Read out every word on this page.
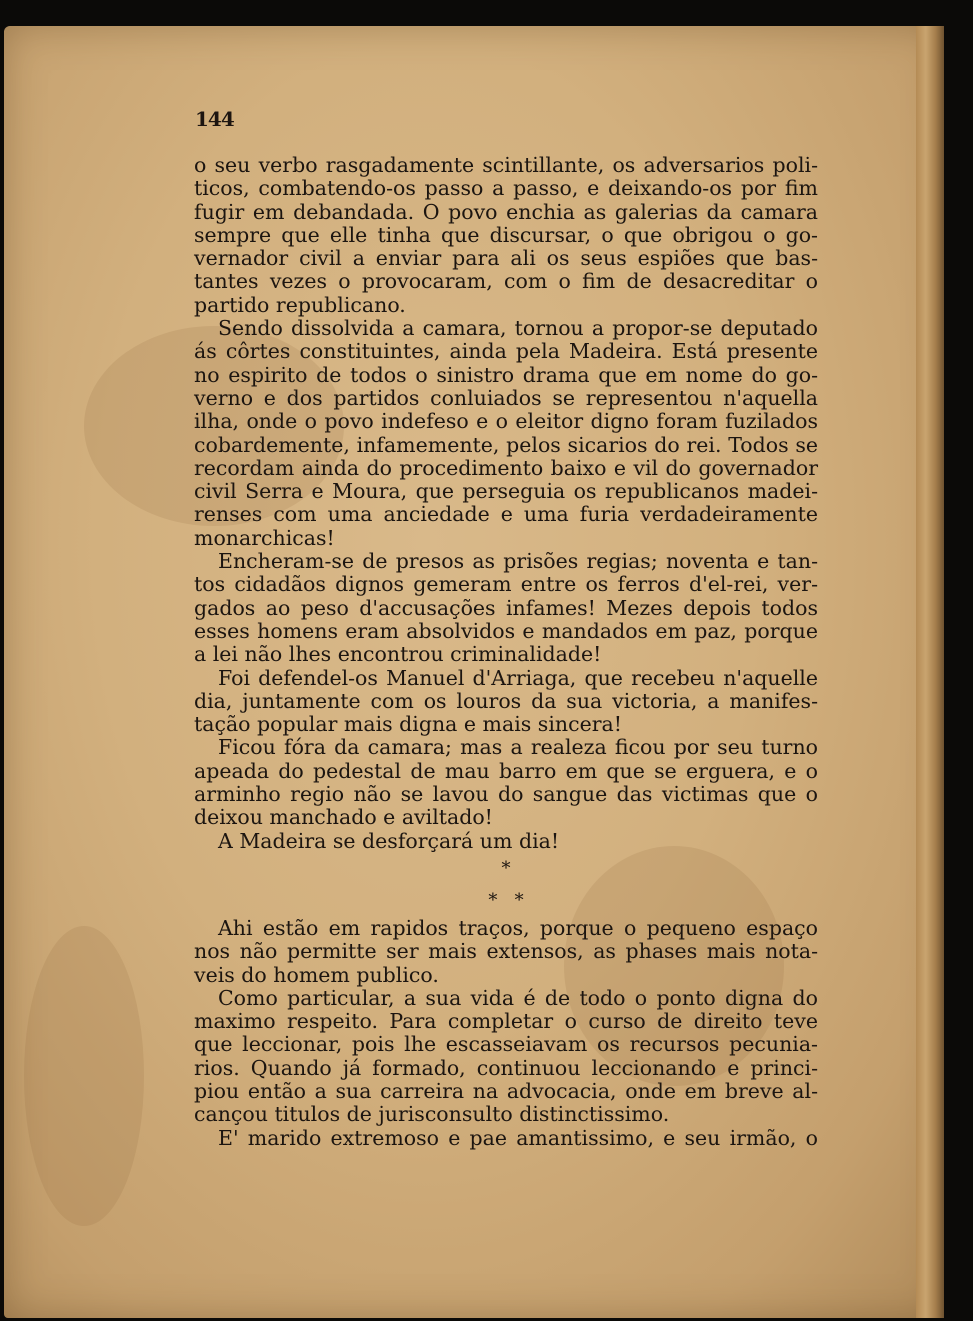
144
o seu verbo rasgadamente scintillante, os adversarios poli-
ticos, combatendo-os passo a passo, e deixando-os por fim
fugir em debandada. O povo enchia as galerias da camara
sempre que elle tinha que discursar, o que obrigou o go-
vernador civil a enviar para ali os seus espiões que bas-
tantes vezes o provocaram, com o fim de desacreditar o
partido republicano.
Sendo dissolvida a camara, tornou a propor-se deputado
ás côrtes constituintes, ainda pela Madeira. Está presente
no espirito de todos o sinistro drama que em nome do go-
verno e dos partidos conluiados se representou n'aquella
ilha, onde o povo indefeso e o eleitor digno foram fuzilados
cobardemente, infamemente, pelos sicarios do rei. Todos se
recordam ainda do procedimento baixo e vil do governador
civil Serra e Moura, que perseguia os republicanos madei-
renses com uma anciedade e uma furia verdadeiramente
monarchicas!
Encheram-se de presos as prisões regias; noventa e tan-
tos cidadãos dignos gemeram entre os ferros d'el-rei, ver-
gados ao peso d'accusações infames! Mezes depois todos
esses homens eram absolvidos e mandados em paz, porque
a lei não lhes encontrou criminalidade!
Foi defendel-os Manuel d'Arriaga, que recebeu n'aquelle
dia, juntamente com os louros da sua victoria, a manifes-
tação popular mais digna e mais sincera!
Ficou fóra da camara; mas a realeza ficou por seu turno
apeada do pedestal de mau barro em que se erguera, e o
arminho regio não se lavou do sangue das victimas que o
deixou manchado e aviltado!
A Madeira se desforçará um dia!
*
*   *
Ahi estão em rapidos traços, porque o pequeno espaço
nos não permitte ser mais extensos, as phases mais nota-
veis do homem publico.
Como particular, a sua vida é de todo o ponto digna do
maximo respeito. Para completar o curso de direito teve
que leccionar, pois lhe escasseiavam os recursos pecunia-
rios. Quando já formado, continuou leccionando e princi-
piou então a sua carreira na advocacia, onde em breve al-
cançou titulos de jurisconsulto distinctissimo.
E' marido extremoso e pae amantissimo, e seu irmão, o
